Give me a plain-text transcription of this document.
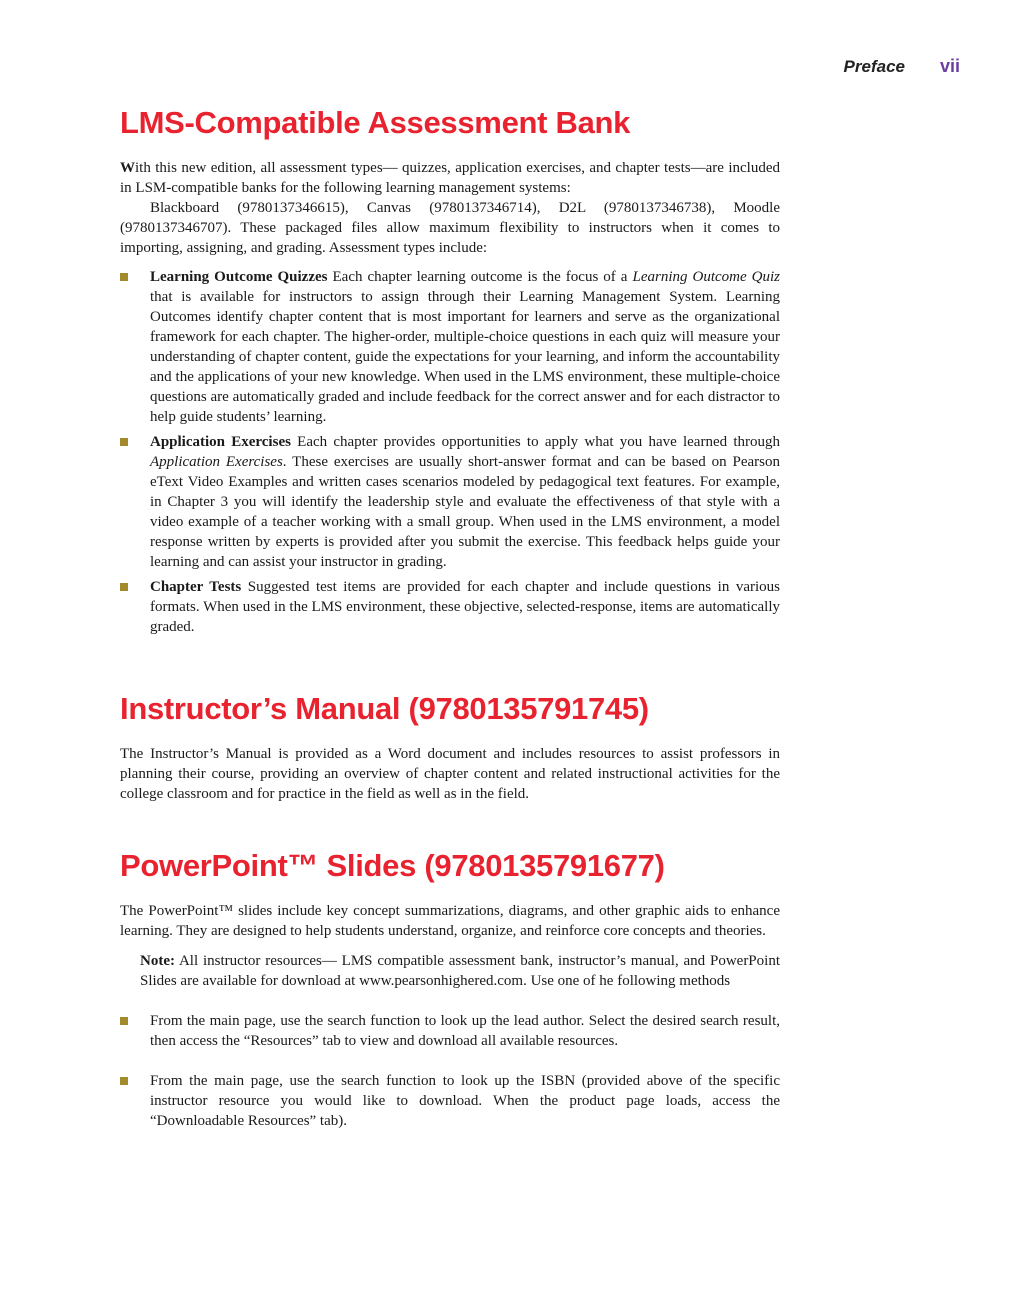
Preface vii
LMS-Compatible Assessment Bank

With this new edition, all assessment types— quizzes, application exercises, and chapter tests—are included in LSM-compatible banks for the following learning management systems:

Blackboard (9780137346615), Canvas (9780137346714), D2L (9780137346738), Moodle (9780137346707). These packaged files allow maximum flexibility to instructors when it comes to importing, assigning, and grading. Assessment types include:

Learning Outcome Quizzes Each chapter learning outcome is the focus of a Learning Outcome Quiz that is available for instructors to assign through their Learning Management System. Learning Outcomes identify chapter content that is most important for learners and serve as the organizational framework for each chapter. The higher-order, multiple-choice questions in each quiz will measure your understanding of chapter content, guide the expectations for your learning, and inform the accountability and the applications of your new knowledge. When used in the LMS environment, these multiple-choice questions are automatically graded and include feedback for the correct answer and for each distractor to help guide students’ learning.
Application Exercises Each chapter provides opportunities to apply what you have learned through Application Exercises. These exercises are usually short-answer format and can be based on Pearson eText Video Examples and written cases scenarios modeled by pedagogical text features. For example, in Chapter 3 you will identify the leadership style and evaluate the effectiveness of that style with a video example of a teacher working with a small group. When used in the LMS environment, a model response written by experts is provided after you submit the exercise. This feedback helps guide your learning and can assist your instructor in grading.
Chapter Tests Suggested test items are provided for each chapter and include questions in various formats. When used in the LMS environment, these objective, selected-response, items are automatically graded.
Instructor’s Manual (9780135791745)

The Instructor’s Manual is provided as a Word document and includes resources to assist professors in planning their course, providing an overview of chapter content and related instructional activities for the college classroom and for practice in the field as well as in the field.

PowerPoint™ Slides (9780135791677)

The PowerPoint™ slides include key concept summarizations, diagrams, and other graphic aids to enhance learning. They are designed to help students understand, organize, and reinforce core concepts and theories.

Note: All instructor resources— LMS compatible assessment bank, instructor’s manual, and PowerPoint Slides are available for download at www.pearsonhighered.com. Use one of he following methods

From the main page, use the search function to look up the lead author. Select the desired search result, then access the “Resources” tab to view and download all available resources.
From the main page, use the search function to look up the ISBN (provided above of the specific instructor resource you would like to download. When the product page loads, access the “Downloadable Resources” tab).
